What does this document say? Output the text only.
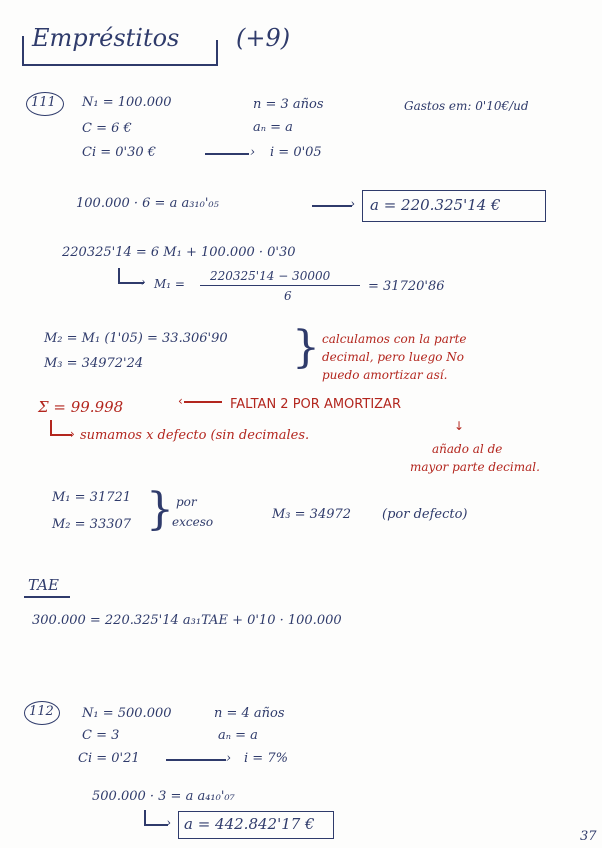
Empréstitos (+9)
111 N₁ = 100.000
C = 6 €
Ci = 0'30 €
n = 3 años
aₙ = a
› i = 0'05
Gastos em: 0'10€/ud
100.000 · 6 = a a₃₁₀'₀₅	› a = 220.325'14 €
220325'14 = 6 M₁ + 100.000 · 0'30
› M₁ =
220325'14 − 30000
6
= 31720'86
M₂ = M₁ (1'05) = 33.306'90
M₃ = 34972'24	} calculamos con la parte
decimal, pero luego No
puedo amortizar así.
Σ = 99.998	‹	FALTAN 2 POR AMORTIZAR
› sumamos x defecto (sin decimales.
↓
añado al de
mayor parte decimal.
M₁ = 31721
M₂ = 33307 } por
exceso	M₃ = 34972 (por defecto)
TAE
300.000 = 220.325'14 a₃₁TAE + 0'10 · 100.000
112 N₁ = 500.000
C = 3
Ci = 0'21
n = 4 años
aₙ = a
› i = 7%
500.000 · 3 = a a₄₁₀'₀₇
› a = 442.842'17 €
37
